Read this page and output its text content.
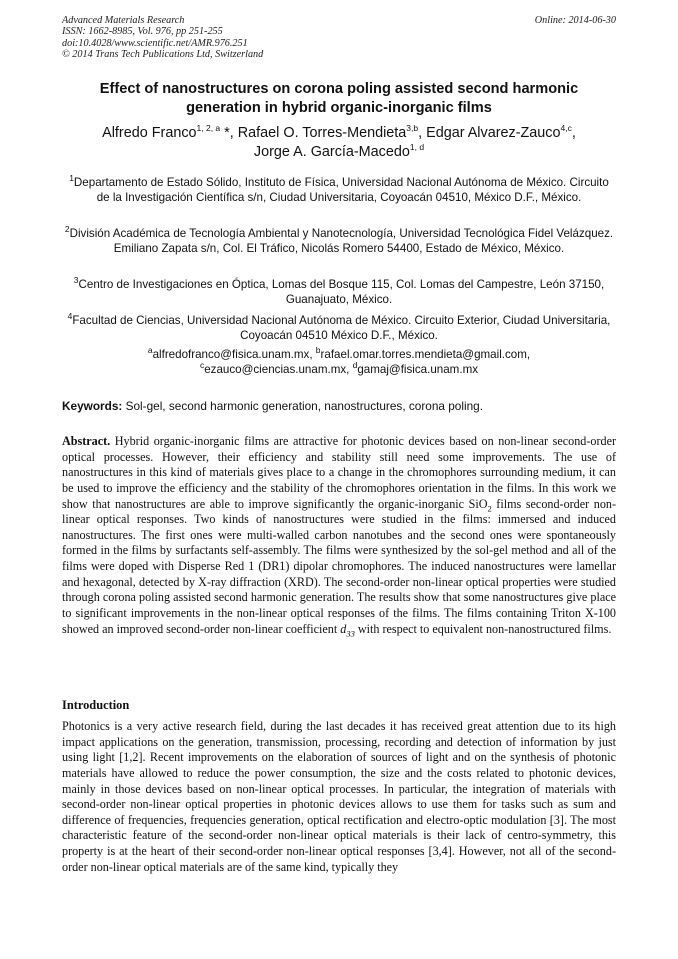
Advanced Materials Research
ISSN: 1662-8985, Vol. 976, pp 251-255
doi:10.4028/www.scientific.net/AMR.976.251
© 2014 Trans Tech Publications Ltd, Switzerland
Online: 2014-06-30
Effect of nanostructures on corona poling assisted second harmonic generation in hybrid organic-inorganic films
Alfredo Franco$^{1, 2, a}$ *, Rafael O. Torres-Mendieta$^{3,b}$, Edgar Alvarez-Zauco$^{4,c}$,
Jorge A. García-Macedo$^{1, d}$
$^1$Departamento de Estado Sólido, Instituto de Física, Universidad Nacional Autónoma de México. Circuito de la Investigación Científica s/n, Ciudad Universitaria, Coyoacán 04510, México D.F., México.
$^2$División Académica de Tecnología Ambiental y Nanotecnología, Universidad Tecnológica Fidel Velázquez. Emiliano Zapata s/n, Col. El Tráfico, Nicolás Romero 54400, Estado de México, México.
$^3$Centro de Investigaciones en Óptica, Lomas del Bosque 115, Col. Lomas del Campestre, León 37150, Guanajuato, México.
$^4$Facultad de Ciencias, Universidad Nacional Autónoma de México. Circuito Exterior, Ciudad Universitaria, Coyoacán 04510 México D.F., México.
$^a$alfredofranco@fisica.unam.mx, $^b$rafael.omar.torres.mendieta@gmail.com,
$^c$ezauco@ciencias.unam.mx, $^d$gamaj@fisica.unam.mx
Keywords: Sol-gel, second harmonic generation, nanostructures, corona poling.
Abstract. Hybrid organic-inorganic films are attractive for photonic devices based on non-linear second-order optical processes. However, their efficiency and stability still need some improvements. The use of nanostructures in this kind of materials gives place to a change in the chromophores surrounding medium, it can be used to improve the efficiency and the stability of the chromophores orientation in the films. In this work we show that nanostructures are able to improve significantly the organic-inorganic SiO$_2$ films second-order non-linear optical responses. Two kinds of nanostructures were studied in the films: immersed and induced nanostructures. The first ones were multi-walled carbon nanotubes and the second ones were spontaneously formed in the films by surfactants self-assembly. The films were synthesized by the sol-gel method and all of the films were doped with Disperse Red 1 (DR1) dipolar chromophores. The induced nanostructures were lamellar and hexagonal, detected by X-ray diffraction (XRD). The second-order non-linear optical properties were studied through corona poling assisted second harmonic generation. The results show that some nanostructures give place to significant improvements in the non-linear optical responses of the films. The films containing Triton X-100 showed an improved second-order non-linear coefficient $d_{33}$ with respect to equivalent non-nanostructured films.
Introduction
Photonics is a very active research field, during the last decades it has received great attention due to its high impact applications on the generation, transmission, processing, recording and detection of information by just using light [1,2]. Recent improvements on the elaboration of sources of light and on the synthesis of photonic materials have allowed to reduce the power consumption, the size and the costs related to photonic devices, mainly in those devices based on non-linear optical processes. In particular, the integration of materials with second-order non-linear optical properties in photonic devices allows to use them for tasks such as sum and difference of frequencies, frequencies generation, optical rectification and electro-optic modulation [3]. The most characteristic feature of the second-order non-linear optical materials is their lack of centro-symmetry, this property is at the heart of their second-order non-linear optical responses [3,4]. However, not all of the second-order non-linear optical materials are of the same kind, typically they
